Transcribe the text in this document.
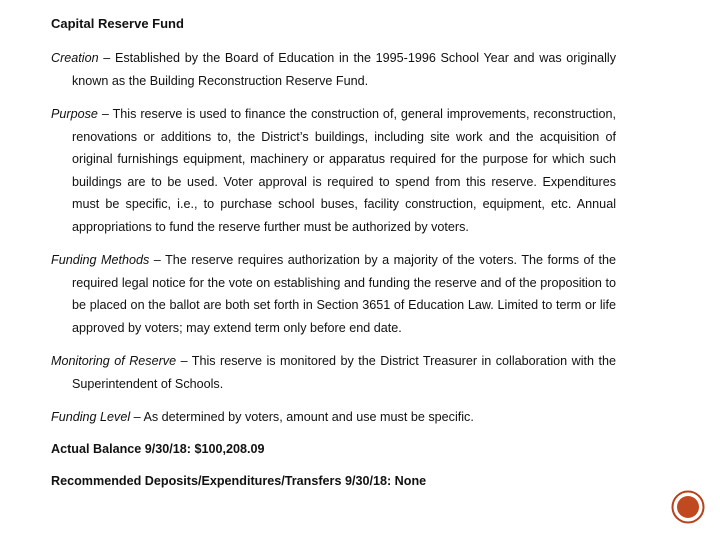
Capital Reserve Fund

Creation – Established by the Board of Education in the 1995-1996 School Year and was originally known as the Building Reconstruction Reserve Fund.

Purpose – This reserve is used to finance the construction of, general improvements, reconstruction, renovations or additions to, the District’s buildings, including site work and the acquisition of original furnishings equipment, machinery or apparatus required for the purpose for which such buildings are to be used. Voter approval is required to spend from this reserve. Expenditures must be specific, i.e., to purchase school buses, facility construction, equipment, etc. Annual appropriations to fund the reserve further must be authorized by voters.

Funding Methods – The reserve requires authorization by a majority of the voters. The forms of the required legal notice for the vote on establishing and funding the reserve and of the proposition to be placed on the ballot are both set forth in Section 3651 of Education Law. Limited to term or life approved by voters; may extend term only before end date.

Monitoring of Reserve – This reserve is monitored by the District Treasurer in collaboration with the Superintendent of Schools.

Funding Level – As determined by voters, amount and use must be specific.

Actual Balance 9/30/18: $100,208.09
Recommended Deposits/Expenditures/Transfers 9/30/18: None
